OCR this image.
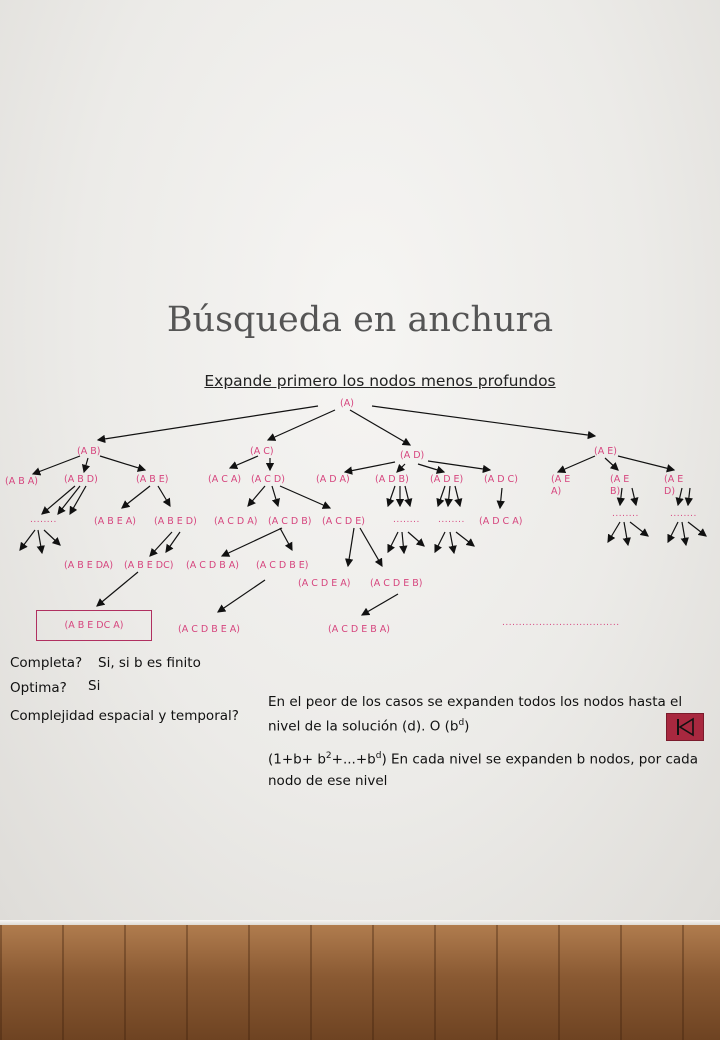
Búsqueda en anchura
Expande primero los nodos menos profundos
(A)
(A B)	(A C)	(A D)	(A E)
(A B A)	(A B D)	(A B E)	(A C A) (A C D)	(A D A)	(A D B) (A D E) (A D C)	(A E A)
(A E B)
(A E D)
........	(A B E A) (A B E D) (A C D A) (A C D B) (A C D E)	........ ........ (A D C A)
........	........
(A B E DA) (A B E DC) (A C D B A) (A C D B E)
(A C D E A) (A C D E B)
(A B E DC A)	(A C D B E A)	(A C D E B A)
...................................
Completa? Si, si b es finito
Optima? Si
Complejidad espacial y temporal?
En el peor de los casos se expanden todos los nodos hasta el nivel de la solución (d). O $(b^d)$
$(1+b+ b^2+...+b^d)$ En cada nivel se expanden b nodos, por cada nodo de ese nivel
